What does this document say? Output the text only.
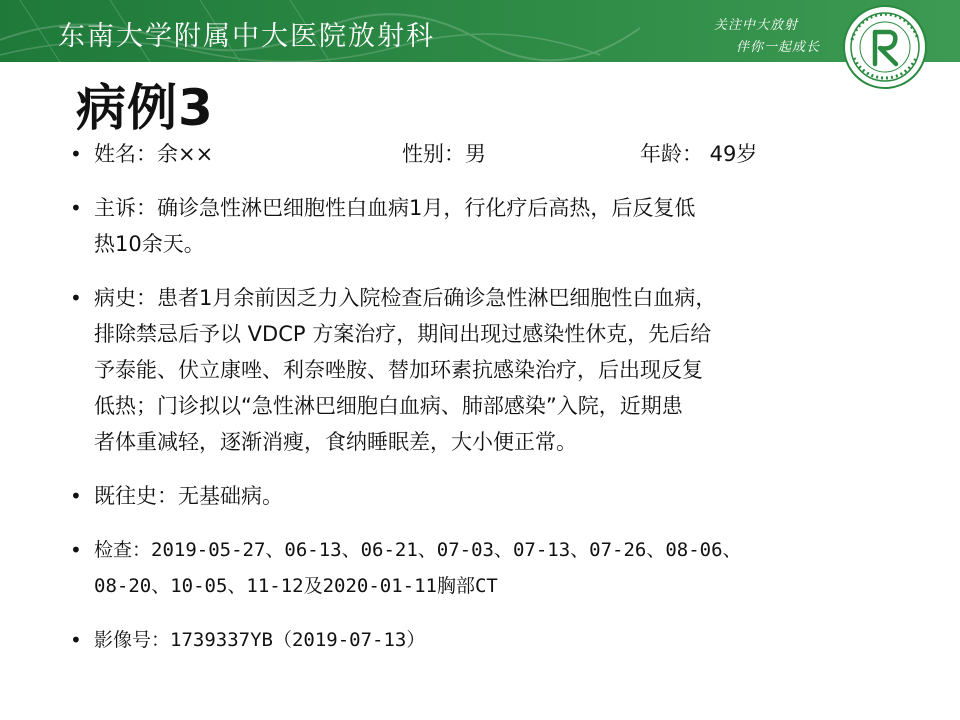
东南大学附属中大医院放射科	关注中大放射
伴你一起成长
病例3
• 姓名：余××	性别：男	年龄： 49岁
• 主诉：确诊急性淋巴细胞性白血病1月，行化疗后高热，后反复低
热10余天。
• 病史：患者1月余前因乏力入院检查后确诊急性淋巴细胞性白血病，
排除禁忌后予以 VDCP 方案治疗，期间出现过感染性休克，先后给
予泰能、伏立康唑、利奈唑胺、替加环素抗感染治疗，后出现反复
低热；门诊拟以“急性淋巴细胞白血病、肺部感染”入院，近期患
者体重减轻，逐渐消瘦，食纳睡眠差，大小便正常。
• 既往史：无基础病。
• 检查：2019-05-27、06-13、06-21、07-03、07-13、07-26、08-06、
08-20、10-05、11-12及2020-01-11胸部CT
• 影像号：1739337YB（2019-07-13）
